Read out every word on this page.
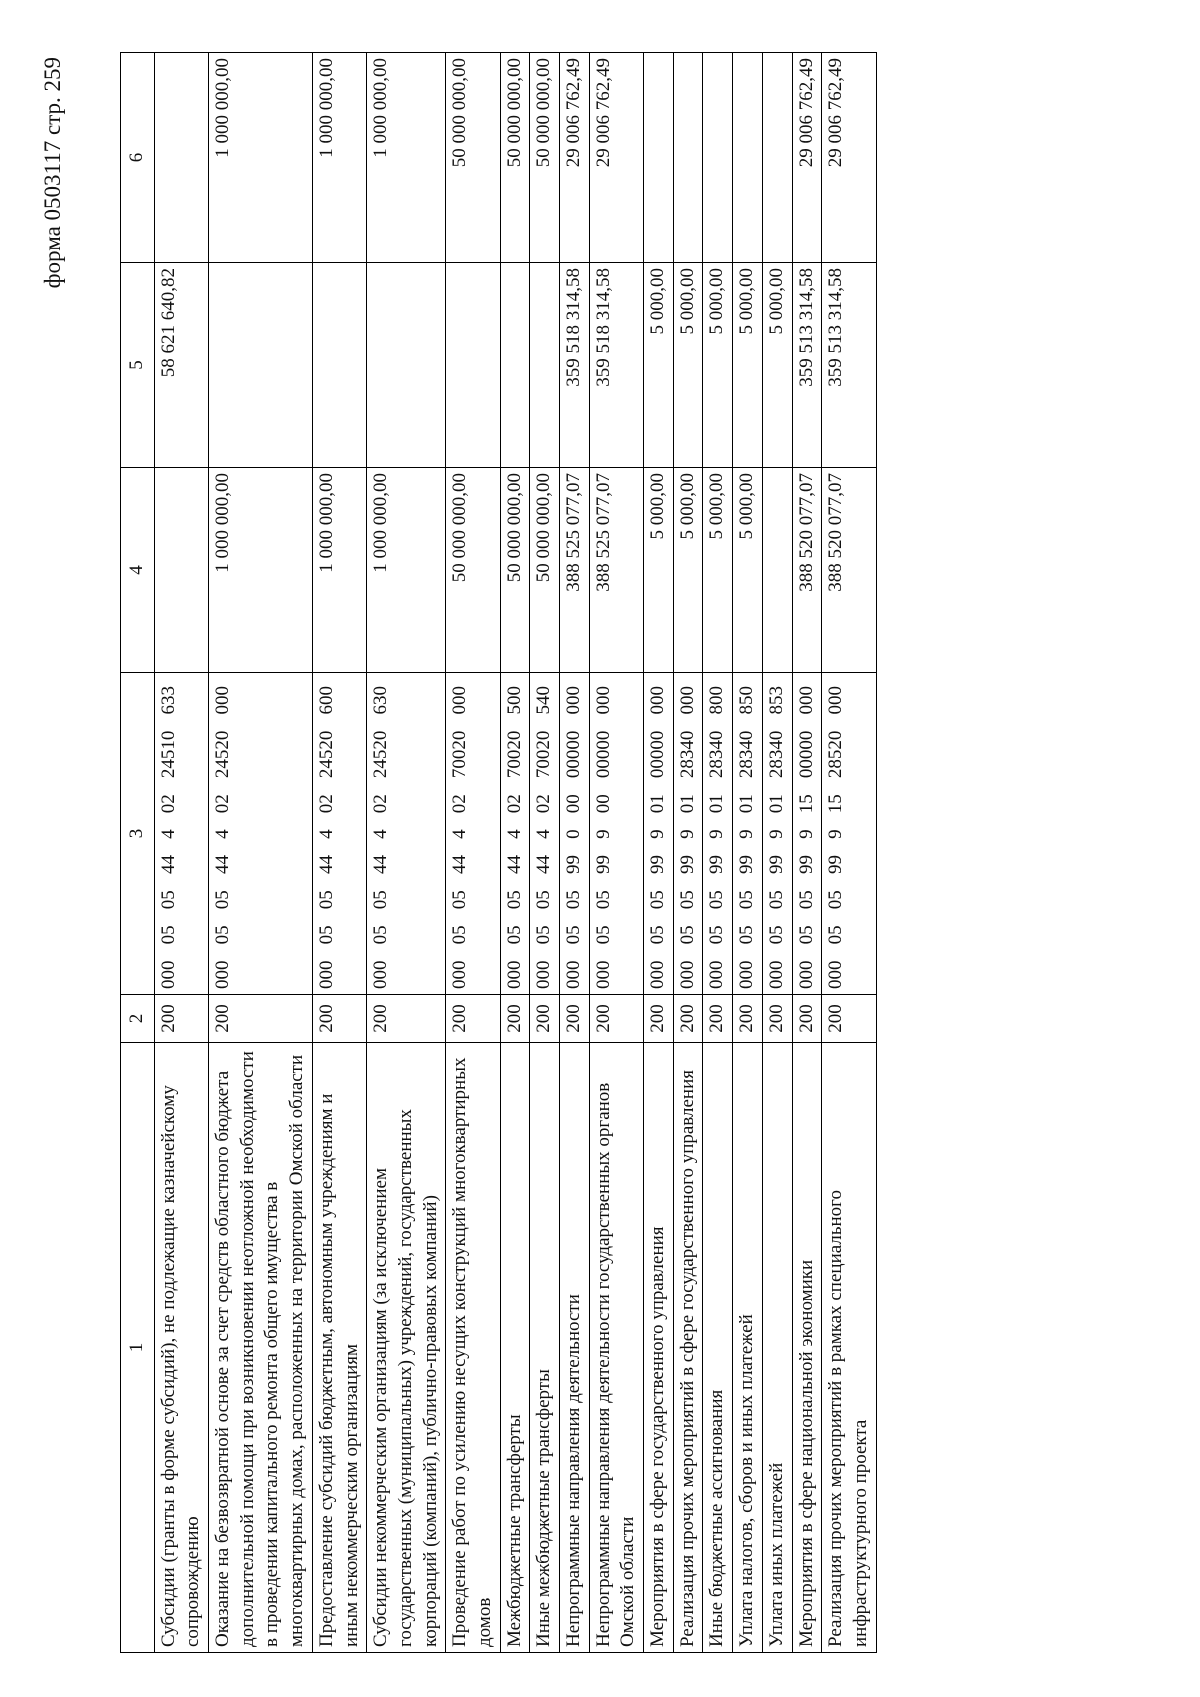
форма 0503117 стр. 259
1	2	3	4	5	6
Субсидии (гранты в форме субсидий), не подлежащие казначейскому сопровождению	200	000 05 05 44 4 02 24510 633		58 621 640,82	
Оказание на безвозвратной основе за счет средств областного бюджета дополнительной помощи при возникновении неотложной необходимости в проведении капитального ремонта общего имущества в многоквартирных домах, расположенных на территории Омской области	200	000 05 05 44 4 02 24520 000	1 000 000,00		1 000 000,00
Предоставление субсидий бюджетным, автономным учреждениям и иным некоммерческим организациям	200	000 05 05 44 4 02 24520 600	1 000 000,00		1 000 000,00
Субсидии некоммерческим организациям (за исключением государственных (муниципальных) учреждений, государственных корпораций (компаний), публично-правовых компаний)	200	000 05 05 44 4 02 24520 630	1 000 000,00		1 000 000,00
Проведение работ по усилению несущих конструкций многоквартирных домов	200	000 05 05 44 4 02 70020 000	50 000 000,00		50 000 000,00
Межбюджетные трансферты	200	000 05 05 44 4 02 70020 500	50 000 000,00		50 000 000,00
Иные межбюджетные трансферты	200	000 05 05 44 4 02 70020 540	50 000 000,00		50 000 000,00
Непрограммные направления деятельности	200	000 05 05 99 0 00 00000 000	388 525 077,07	359 518 314,58	29 006 762,49
Непрограммные направления деятельности государственных органов Омской области	200	000 05 05 99 9 00 00000 000	388 525 077,07	359 518 314,58	29 006 762,49
Мероприятия в сфере государственного управления	200	000 05 05 99 9 01 00000 000	5 000,00	5 000,00	
Реализация прочих мероприятий в сфере государственного управления	200	000 05 05 99 9 01 28340 000	5 000,00	5 000,00	
Иные бюджетные ассигнования	200	000 05 05 99 9 01 28340 800	5 000,00	5 000,00	
Уплата налогов, сборов и иных платежей	200	000 05 05 99 9 01 28340 850	5 000,00	5 000,00	
Уплата иных платежей	200	000 05 05 99 9 01 28340 853		5 000,00	
Мероприятия в сфере национальной экономики	200	000 05 05 99 9 15 00000 000	388 520 077,07	359 513 314,58	29 006 762,49
Реализация прочих мероприятий в рамках специального инфраструктурного проекта	200	000 05 05 99 9 15 28520 000	388 520 077,07	359 513 314,58	29 006 762,49
